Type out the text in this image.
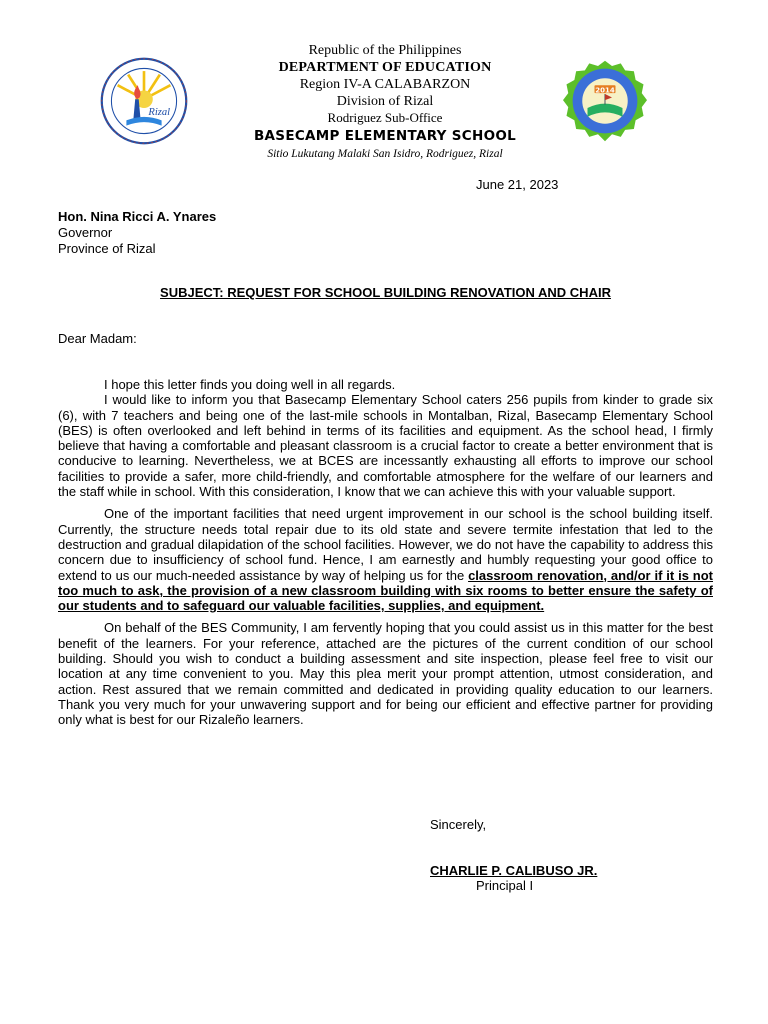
Rizal
2014
Republic of the Philippines
DEPARTMENT OF EDUCATION
Region IV-A CALABARZON
Division of Rizal
Rodriguez Sub-Office
BASECAMP ELEMENTARY SCHOOL
Sitio Lukutang Malaki San Isidro, Rodriguez, Rizal
June 21, 2023
Hon. Nina Ricci A. Ynares
Governor
Province of Rizal
SUBJECT: REQUEST FOR SCHOOL BUILDING RENOVATION AND CHAIR
Dear Madam:

I hope this letter finds you doing well in all regards.

I would like to inform you that Basecamp Elementary School caters 256 pupils from kinder to grade six (6), with 7 teachers and being one of the last-mile schools in Montalban, Rizal, Basecamp Elementary School (BES) is often overlooked and left behind in terms of its facilities and equipment. As the school head, I firmly believe that having a comfortable and pleasant classroom is a crucial factor to create a better environment that is conducive to learning. Nevertheless, we at BCES are incessantly exhausting all efforts to improve our school facilities to provide a safer, more child-friendly, and comfortable atmosphere for the welfare of our learners and the staff while in school. With this consideration, I know that we can achieve this with your valuable support.

One of the important facilities that need urgent improvement in our school is the school building itself. Currently, the structure needs total repair due to its old state and severe termite infestation that led to the destruction and gradual dilapidation of the school facilities. However, we do not have the capability to address this concern due to insufficiency of school fund. Hence, I am earnestly and humbly requesting your good office to extend to us our much-needed assistance by way of helping us for the classroom renovation, and/or if it is not too much to ask, the provision of a new classroom building with six rooms to better ensure the safety of our students and to safeguard our valuable facilities, supplies, and equipment.

On behalf of the BES Community, I am fervently hoping that you could assist us in this matter for the best benefit of the learners. For your reference, attached are the pictures of the current condition of our school building. Should you wish to conduct a building assessment and site inspection, please feel free to visit our location at any time convenient to you. May this plea merit your prompt attention, utmost consideration, and action. Rest assured that we remain committed and dedicated in providing quality education to our learners. Thank you very much for your unwavering support and for being our efficient and effective partner for providing only what is best for our Rizaleño learners.

Sincerely,
CHARLIE P. CALIBUSO JR.
Principal I
